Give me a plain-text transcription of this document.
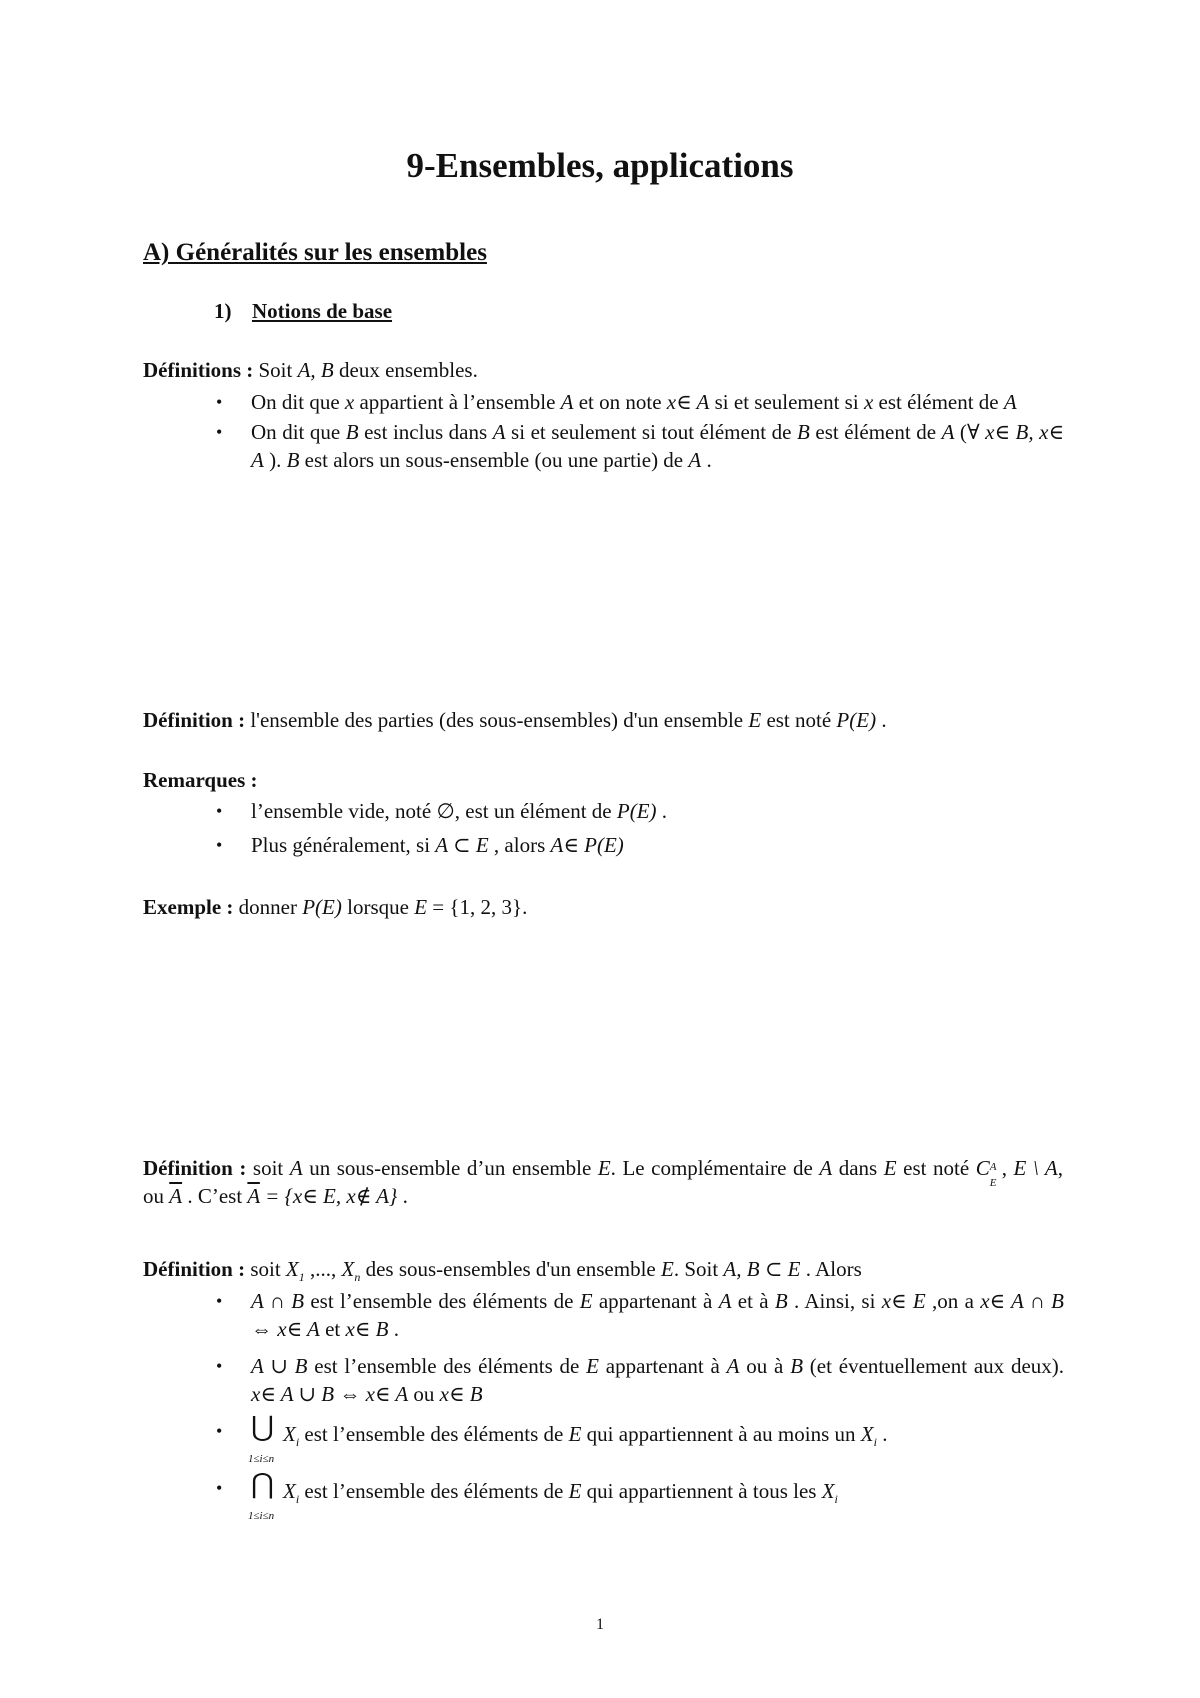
9-Ensembles, applications
A) Généralités sur les ensembles
1) Notions de base
Définitions : Soit A, B deux ensembles.
• On dit que x appartient à l’ensemble A et on note x∈ A si et seulement si x est élément de A
• On dit que B est inclus dans A si et seulement si tout élément de B est élément de A (∀ x∈ B, x∈ A ). B est alors un sous-ensemble (ou une partie) de A .
Définition : l'ensemble des parties (des sous-ensembles) d'un ensemble E est noté P(E) .
Remarques :
• l’ensemble vide, noté ∅, est un élément de P(E) .
• Plus généralement, si A ⊂ E , alors A∈ P(E)
Exemple : donner P(E) lorsque E = {1, 2, 3}.
Définition : soit A un sous-ensemble d’un ensemble E. Le complémentaire de A dans E est noté C A
E
, E \ A, ou $\overline{A}$ . C’est $\overline{A}$ = {x∈ E, x∉ A} .
Définition : soit $X_1$ ,..., $X_n$ des sous-ensembles d'un ensemble E. Soit A, B ⊂ E . Alors
• A ∩ B est l’ensemble des éléments de E appartenant à A et à B . Ainsi, si x∈ E ,on a x∈ A ∩ B ⇔ x∈ A et x∈ B .
• A ∪ B est l’ensemble des éléments de E appartenant à A ou à B (et éventuellement aux deux). x∈ A ∪ B ⇔ x∈ A ou x∈ B
• ⋃
1≤i≤n
$X_i$ est l’ensemble des éléments de E qui appartiennent à au moins un $X_i$ .
• ⋂
1≤i≤n
$X_i$ est l’ensemble des éléments de E qui appartiennent à tous les $X_i$
1
